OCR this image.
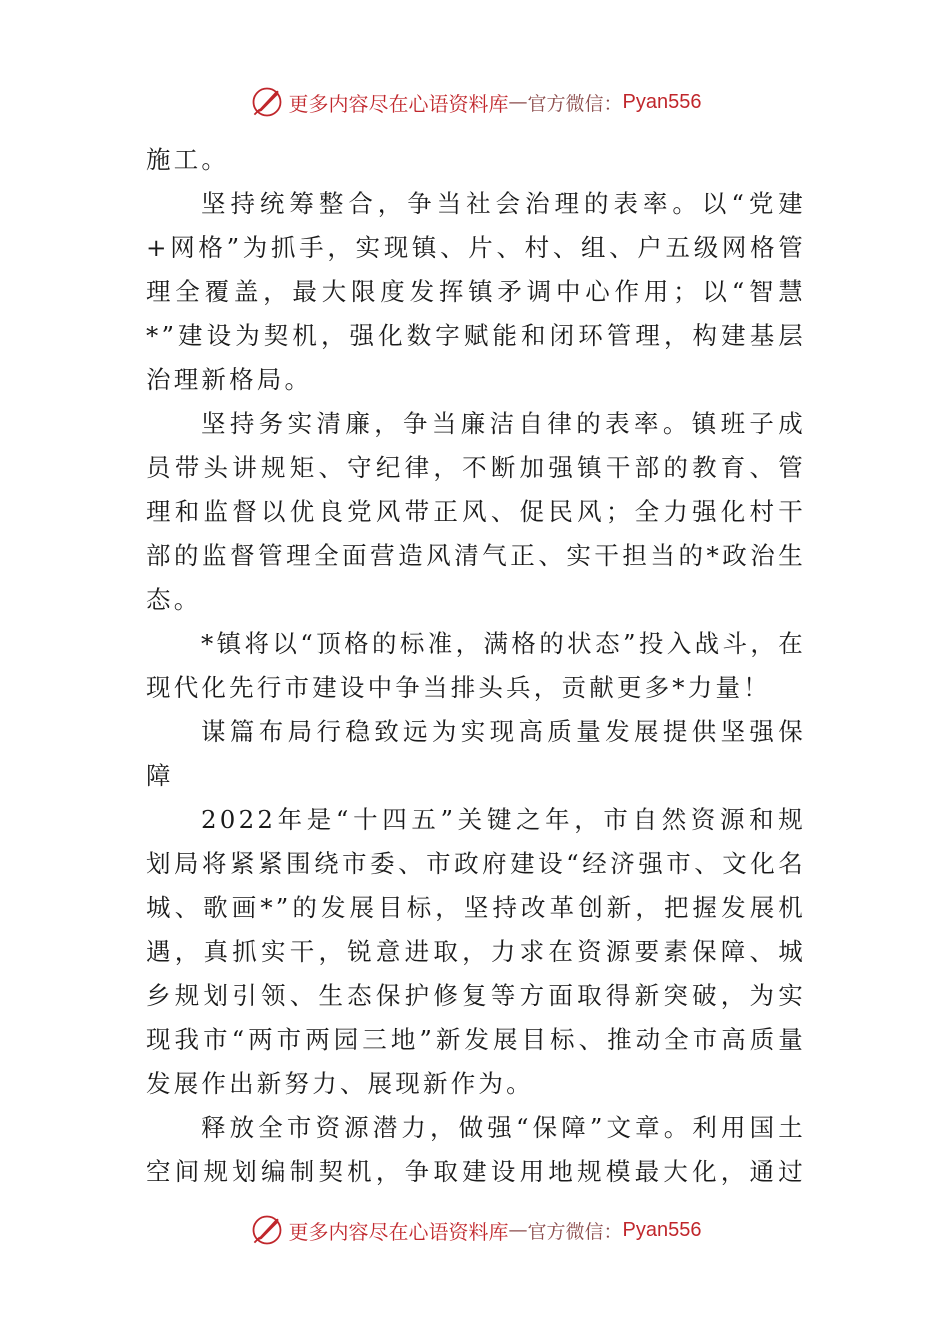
更多内容尽在心语资料库 — 官方微信： Pyan556

施工。

坚持统筹整合，争当社会治理的表率。以“党建+网格”为抓手，实现镇、片、村、组、户五级网格管理全覆盖，最大限度发挥镇矛调中心作用；以“智慧*”建设为契机，强化数字赋能和闭环管理，构建基层治理新格局。

坚持务实清廉，争当廉洁自律的表率。镇班子成员带头讲规矩、守纪律，不断加强镇干部的教育、管理和监督以优良党风带正风、促民风；全力强化村干部的监督管理全面营造风清气正、实干担当的*政治生态。

*镇将以“顶格的标准，满格的状态”投入战斗，在现代化先行市建设中争当排头兵，贡献更多*力量！

谋篇布局行稳致远为实现高质量发展提供坚强保障

2022年是“十四五”关键之年，市自然资源和规划局将紧紧围绕市委、市政府建设“经济强市、文化名城、歌画*”的发展目标，坚持改革创新，把握发展机遇，真抓实干，锐意进取，力求在资源要素保障、城乡规划引领、生态保护修复等方面取得新突破，为实现我市“两市两园三地”新发展目标、推动全市高质量发展作出新努力、展现新作为。

释放全市资源潜力，做强“保障”文章。利用国土空间规划编制契机，争取建设用地规模最大化，通过

更多内容尽在心语资料库 — 官方微信： Pyan556
